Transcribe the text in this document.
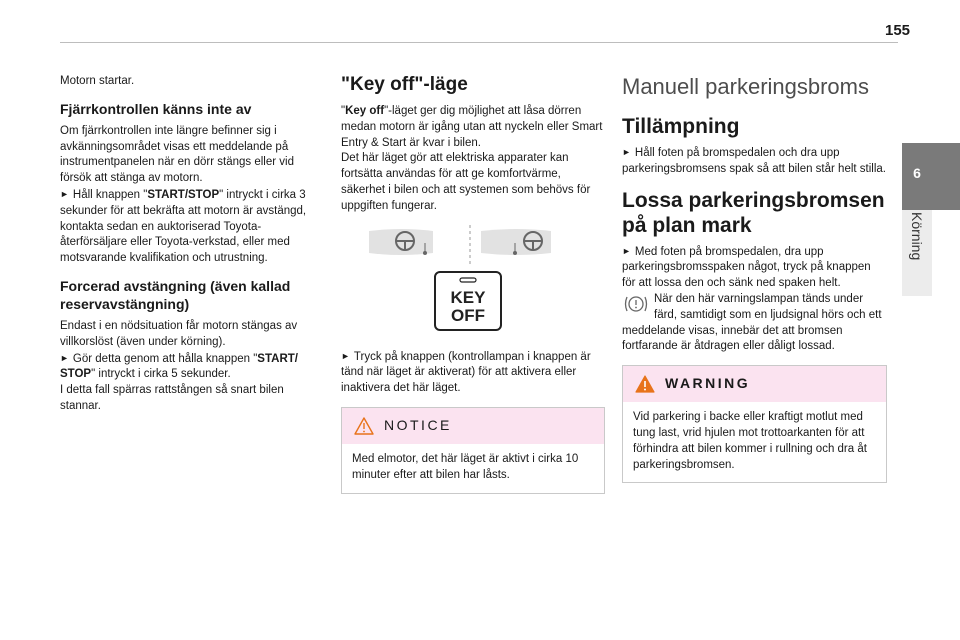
155
6
Körning

Motorn startar.

Fjärrkontrollen känns inte av

Om fjärrkontrollen inte längre befinner sig i avkänningsområdet visas ett meddelande på instrumentpanelen när en dörr stängs eller vid försök att stänga av motorn.

► Håll knappen "START/STOP" intryckt i cirka 3 sekunder för att bekräfta att motorn är avstängd, kontakta sedan en auktoriserad Toyota-återförsäljare eller Toyota-verkstad, eller med motsvarande kvalifikation och utrustning.

Forcerad avstängning (även kallad reservavstängning)

Endast i en nödsituation får motorn stängas av villkorslöst (även under körning).

► Gör detta genom att hålla knappen "START/ STOP" intryckt i cirka 5 sekunder.

I detta fall spärras rattstången så snart bilen stannar.

"Key off"-läge

"Key off"-läget ger dig möjlighet att låsa dörren medan motorn är igång utan att nyckeln eller Smart Entry & Start är kvar i bilen.

Det här läget gör att elektriska apparater kan fortsätta användas för att ge komfortvärme, säkerhet i bilen och att systemen som behövs för uppgiften fungerar.

KEY
OFF

► Tryck på knappen (kontrollampan i knappen är tänd när läget är aktiverat) för att aktivera eller inaktivera det här läget.

NOTICE
Med elmotor, det här läget är aktivt i cirka 10 minuter efter att bilen har låsts.
Manuell parkeringsbroms
Tillämpning

► Håll foten på bromspedalen och dra upp parkeringsbromsens spak så att bilen står helt stilla.

Lossa parkeringsbromsen på plan mark

► Med foten på bromspedalen, dra upp parkeringsbromsspaken något, tryck på knappen för att lossa den och sänk ned spaken helt.

När den här varningslampan tänds under färd, samtidigt som en ljudsignal hörs och ett meddelande visas, innebär det att bromsen fortfarande är åtdragen eller dåligt lossad.

WARNING
Vid parkering i backe eller kraftigt motlut med tung last, vrid hjulen mot trottoarkanten för att förhindra att bilen kommer i rullning och dra åt parkeringsbromsen.
